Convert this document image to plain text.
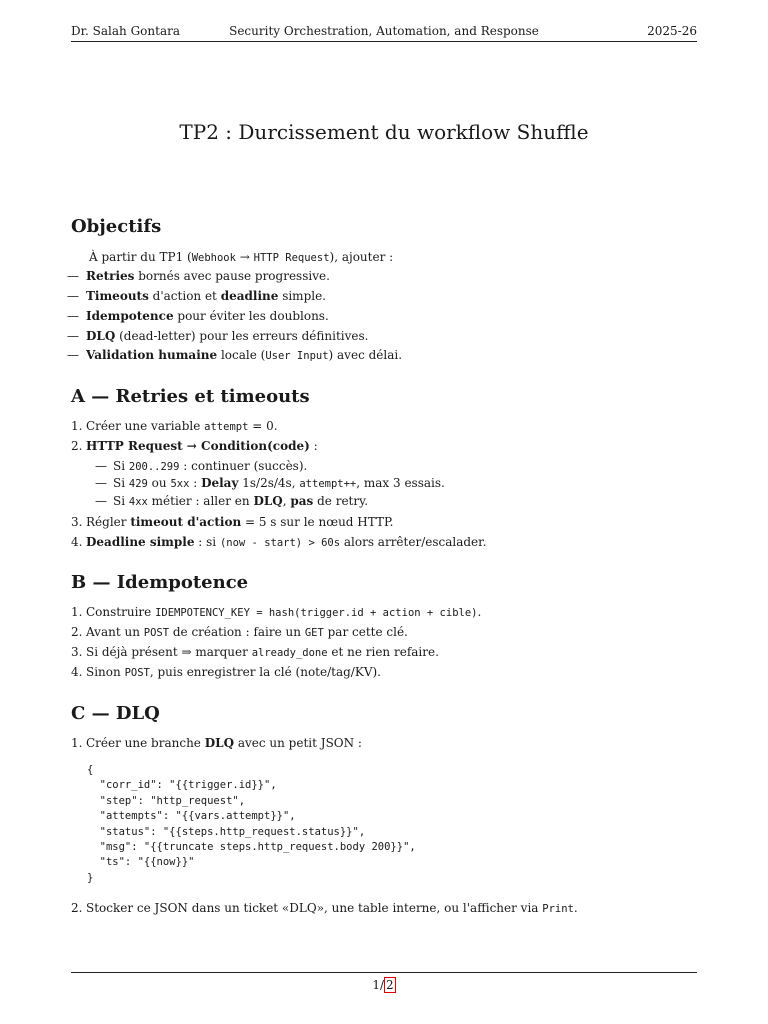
Dr. Salah Gontara	Security Orchestration, Automation, and Response	2025-26
TP2 : Durcissement du workflow Shuffle
Objectifs
À partir du TP1 (Webhook → HTTP Request), ajouter :
— Retries bornés avec pause progressive.
— Timeouts d'action et deadline simple.
— Idempotence pour éviter les doublons.
— DLQ (dead-letter) pour les erreurs définitives.
— Validation humaine locale (User Input) avec délai.
A — Retries et timeouts
1. Créer une variable attempt = 0.
2. HTTP Request → Condition(code) :
— Si 200..299 : continuer (succès).
— Si 429 ou 5xx : Delay 1s/2s/4s, attempt++, max 3 essais.
— Si 4xx métier : aller en DLQ, pas de retry.
3. Régler timeout d'action = 5 s sur le nœud HTTP.
4. Deadline simple : si (now - start) > 60s alors arrêter/escalader.
B — Idempotence
1. Construire IDEMPOTENCY_KEY = hash(trigger.id + action + cible).
2. Avant un POST de création : faire un GET par cette clé.
3. Si déjà présent ⇒ marquer already_done et ne rien refaire.
4. Sinon POST, puis enregistrer la clé (note/tag/KV).
C — DLQ
1. Créer une branche DLQ avec un petit JSON :
{
"corr_id": "{{trigger.id}}",
"step": "http_request",
"attempts": "{{vars.attempt}}",
"status": "{{steps.http_request.status}}",
"msg": "{{truncate steps.http_request.body 200}}",
"ts": "{{now}}"
}
2. Stocker ce JSON dans un ticket «DLQ», une table interne, ou l'afficher via Print.
1/ 2
